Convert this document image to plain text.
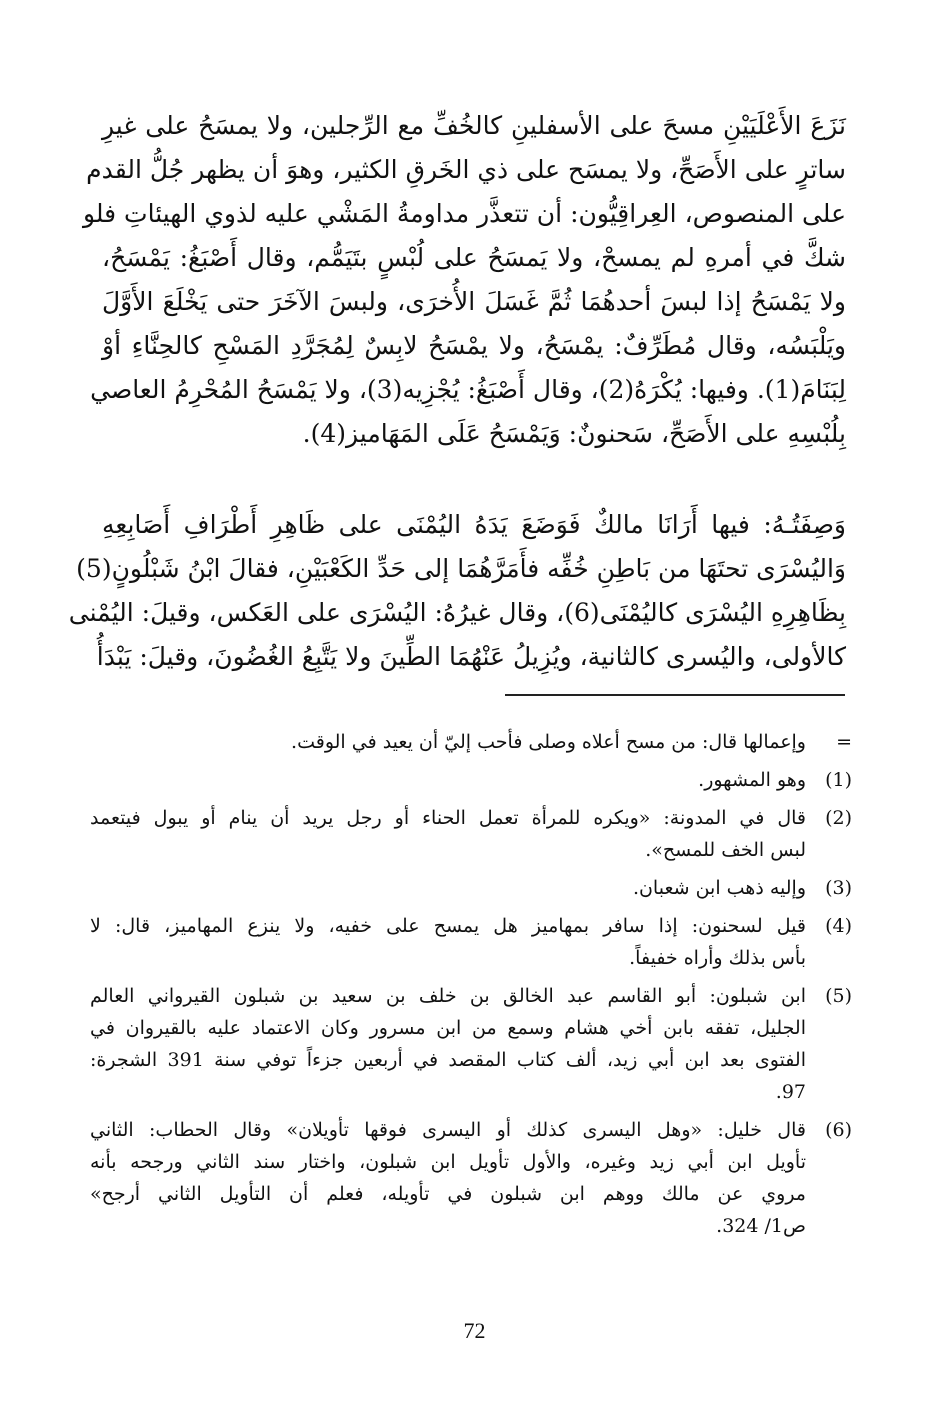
نَزَعَ الأَعْلَيَيْنِ مسحَ على الأسفلينِ كالخُفِّ مع الرِّجلين، ولا يمسَحُ على غيرِ
ساترٍ على الأَصَحِّ، ولا يمسَح على ذي الخَرقِ الكثير، وهوَ أن يظهر جُلُّ القدم
على المنصوص، العِراقِيُّون: أن تتعذَّر مداومةُ المَشْي عليه لذوي الهيئاتِ فلو
شكَّ في أمرهِ لم يمسحْ، ولا يَمسَحُ على لُبْسٍ بتَيَمُّم، وقال أَصْبَغُ: يَمْسَحُ،
ولا يَمْسَحُ إذا لبسَ أحدهُمَا ثُمَّ غَسَلَ الأُخرَى، ولبسَ الآخَرَ حتى يَخْلَعَ الأَوَّلَ
ويَلْبَسُه، وقال مُطَرِّفٌ: يمْسَحُ، ولا يمْسَحُ لابِسٌ لِمُجَرَّدِ المَسْحِ كالحِنَّاءِ أوْ
لِبَنَامَ(1). وفيها: يُكْرَهُ(2)، وقال أَصْبَغُ: يُجْزِيه(3)، ولا يَمْسَحُ المُحْرِمُ العاصي
بِلُبْسِهِ على الأَصَحِّ، سَحنونٌ: وَيَمْسَحُ عَلَى المَهَاميز(4).
وَصِفَتُـهُ: فيها أَرَانَا مالكٌ فَوَضَعَ يَدَهُ اليُمْنَى على ظَاهِرِ أَطْرَافِ أَصَابِعِهِ
وَاليُسْرَى تحتَهَا من بَاطِنِ خُفِّه فأَمَرَّهُمَا إلى حَدِّ الكَعْبَيْنِ، فقالَ ابْنُ شَبْلُونٍ(5)
بِظَاهِرِهِ اليُسْرَى كاليُمْنَى(6)، وقال غيرُهُ: اليُسْرَى على العَكس، وقيلَ: اليُمْنى
كالأولى، واليُسرى كالثانية، ويُزِيلُ عَنْهُمَا الطِّينَ ولا يَتَّبِعُ الغُضُونَ، وقيلَ: يَبْدَأُ
=
وإعمالها قال: من مسح أعلاه وصلى فأحب إليّ أن يعيد في الوقت.
(1)
وهو المشهور.
(2)
قال في المدونة: «ويكره للمرأة تعمل الحناء أو رجل يريد أن ينام أو يبول فيتعمد
لبس الخف للمسح».
(3)
وإليه ذهب ابن شعبان.
(4)
قيل لسحنون: إذا سافر بمهاميز هل يمسح على خفيه، ولا ينزع المهاميز، قال: لا
بأس بذلك وأراه خفيفاً.
(5)
ابن شبلون: أبو القاسم عبد الخالق بن خلف بن سعيد بن شبلون القيرواني العالم
الجليل، تفقه بابن أخي هشام وسمع من ابن مسرور وكان الاعتماد عليه بالقيروان في
الفتوى بعد ابن أبي زيد، ألف كتاب المقصد في أربعين جزءاً توفي سنة 391 الشجرة:
97.
(6)
قال خليل: «وهل اليسرى كذلك أو اليسرى فوقها تأويلان» وقال الحطاب: الثاني
تأويل ابن أبي زيد وغيره، والأول تأويل ابن شبلون، واختار سند الثاني ورجحه بأنه
مروي عن مالك ووهم ابن شبلون في تأويله، فعلم أن التأويل الثاني أرجح»
ص1/ 324.
72
